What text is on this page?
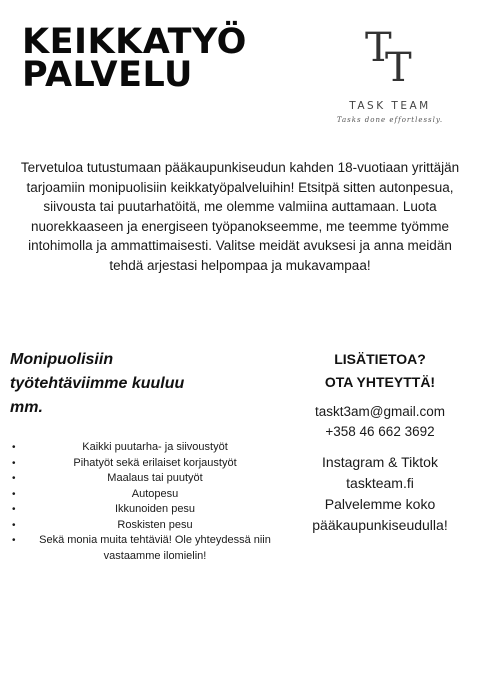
KEIKKATYÖ
PALVELU
T
T
TASK TEAM
Tasks done effortlessly.

Tervetuloa tutustumaan pääkaupunkiseudun kahden 18-vuotiaan yrittäjän tarjoamiin monipuolisiin keikkatyöpalveluihin! Etsitpä sitten autonpesua, siivousta tai puutarhatöitä, me olemme valmiina auttamaan. Luota nuorekkaaseen ja energiseen työpanokseemme, me teemme työmme intohimolla ja ammattimaisesti. Valitse meidät avuksesi ja anna meidän tehdä arjestasi helpompaa ja mukavampaa!

Monipuolisiin
työtehtäviimme kuuluu
mm.
•	Kaikki puutarha- ja siivoustyöt
•	Pihatyöt sekä erilaiset korjaustyöt
•	Maalaus tai puutyöt
•	Autopesu
•	Ikkunoiden pesu
•	Roskisten pesu
• Sekä monia muita tehtäviä! Ole yhteydessä niin vastaamme ilomielin!
LISÄTIETOA?
OTA YHTEYTTÄ!
taskt3am@gmail.com
+358 46 662 3692
Instagram & Tiktok
taskteam.fi
Palvelemme koko
pääkaupunkiseudulla!
